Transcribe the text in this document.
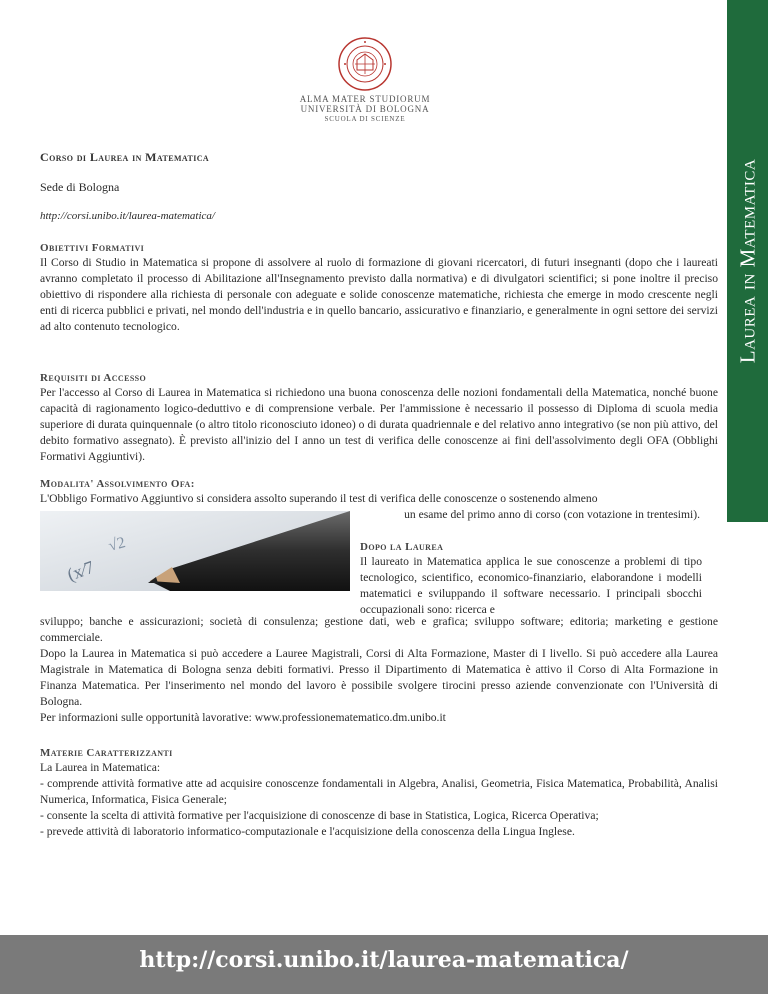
Laurea in Matematica
ALMA MATER STUDIORUM
UNIVERSITÀ DI BOLOGNA
SCUOLA DI SCIENZE
Corso di Laurea in Matematica
Sede di Bologna
http://corsi.unibo.it/laurea-matematica/
Obiettivi Formativi

Il Corso di Studio in Matematica si propone di assolvere al ruolo di formazione di giovani ricercatori, di futuri insegnanti (dopo che i laureati avranno completato il processo di Abilitazione all'Insegnamento previsto dalla normativa) e di divulgatori scientifici; si pone inoltre il preciso obiettivo di rispondere alla richiesta di personale con adeguate e solide conoscenze matematiche, richiesta che emerge in modo crescente negli enti di ricerca pubblici e privati, nel mondo dell'industria e in quello bancario, assicurativo e finanziario, e generalmente in ogni settore dei servizi ad alto contenuto tecnologico.

Requisiti di Accesso

Per l'accesso al Corso di Laurea in Matematica si richiedono una buona conoscenza delle nozioni fondamentali della Matematica, nonché buone capacità di ragionamento logico-deduttivo e di comprensione verbale. Per l'ammissione è necessario il possesso di Diploma di scuola media superiore di durata quinquennale (o altro titolo riconosciuto idoneo) o di durata quadriennale e del relativo anno integrativo (se non più attivo, del debito formativo assegnato). È previsto all'inizio del I anno un test di verifica delle conoscenze ai fini dell'assolvimento degli OFA (Obblighi Formativi Aggiuntivi).

Modalita' Assolvimento Ofa:

L'Obbligo Formativo Aggiuntivo si considera assolto superando il test di verifica delle conoscenze o sostenendo almeno

un esame del primo anno di corso (con votazione in trentesimi).

(x⁄7
√2	Dopo la Laurea

Il laureato in Matematica applica le sue conoscenze a problemi di tipo tecnologico, scientifico, economico-finanziario, elaborandone i modelli matematici e sviluppando il software necessario. I principali sbocchi occupazionali sono: ricerca e

sviluppo; banche e assicurazioni; società di consulenza; gestione dati, web e grafica; sviluppo software; editoria; marketing e gestione commerciale.

Dopo la Laurea in Matematica si può accedere a Lauree Magistrali, Corsi di Alta Formazione, Master di I livello. Si può accedere alla Laurea Magistrale in Matematica di Bologna senza debiti formativi. Presso il Dipartimento di Matematica è attivo il Corso di Alta Formazione in Finanza Matematica. Per l'inserimento nel mondo del lavoro è possibile svolgere tirocini presso aziende convenzionate con l'Università di Bologna.

Per informazioni sulle opportunità lavorative: www.professionematematico.dm.unibo.it

Materie Caratterizzanti

La Laurea in Matematica:

- comprende attività formative atte ad acquisire conoscenze fondamentali in Algebra, Analisi, Geometria, Fisica Matematica, Probabilità, Analisi Numerica, Informatica, Fisica Generale;

- consente la scelta di attività formative per l'acquisizione di conoscenze di base in Statistica, Logica, Ricerca Operativa;

- prevede attività di laboratorio informatico-computazionale e l'acquisizione della conoscenza della Lingua Inglese.

http://corsi.unibo.it/laurea-matematica/
